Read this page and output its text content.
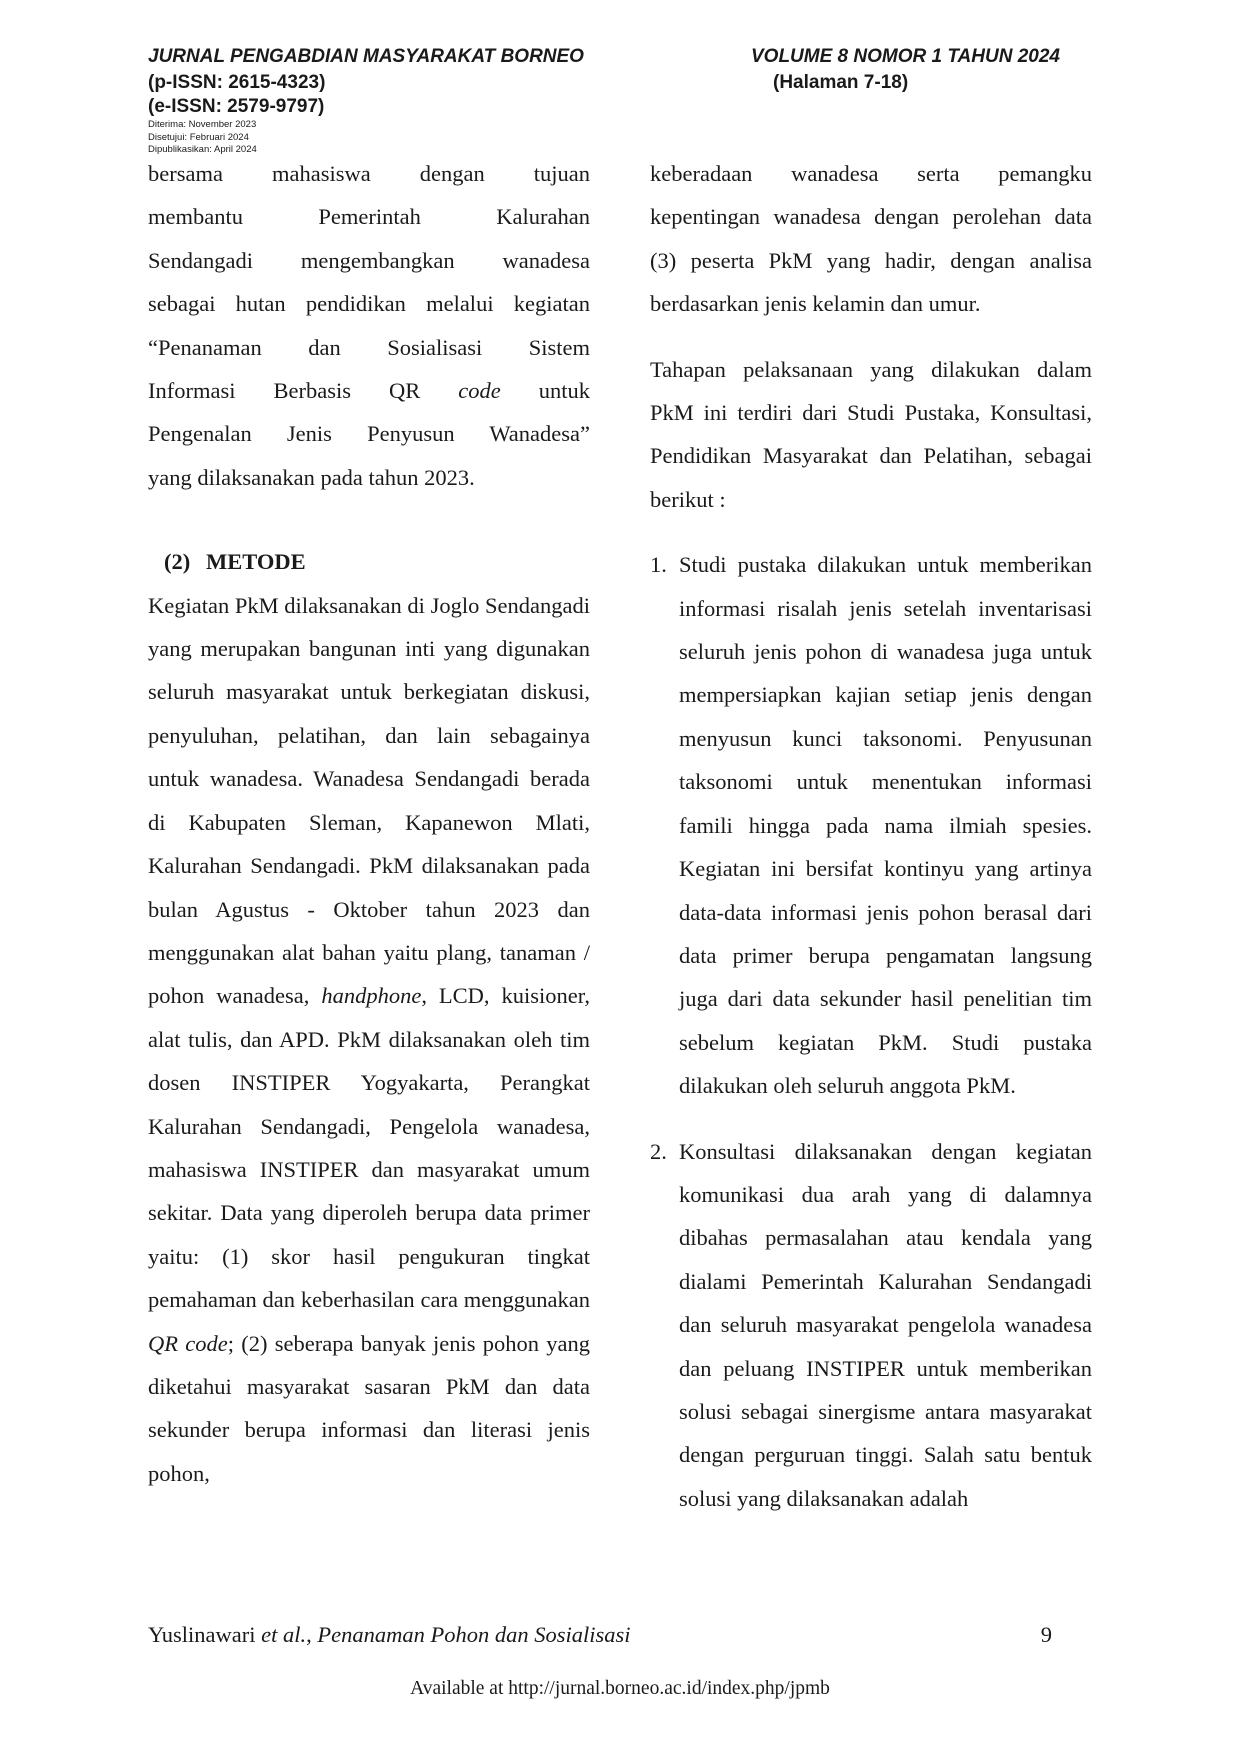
JURNAL PENGABDIAN MASYARAKAT BORNEO	VOLUME 8 NOMOR 1 TAHUN 2024
(p-ISSN: 2615-4323)	(Halaman 7-18)
(e-ISSN: 2579-9797)
Diterima: November 2023
Disetujui: Februari 2024
Dipublikasikan: April 2024

bersama mahasiswa dengan tujuan

membantu Pemerintah Kalurahan

Sendangadi mengembangkan wanadesa

sebagai hutan pendidikan melalui kegiatan

“Penanaman dan Sosialisasi Sistem

Informasi Berbasis QR code untuk

Pengenalan Jenis Penyusun Wanadesa”

yang dilaksanakan pada tahun 2023.

(2) METODE

Kegiatan PkM dilaksanakan di Joglo Sendangadi yang merupakan bangunan inti yang digunakan seluruh masyarakat untuk berkegiatan diskusi, penyuluhan, pelatihan, dan lain sebagainya untuk wanadesa. Wanadesa Sendangadi berada di Kabupaten Sleman, Kapanewon Mlati, Kalurahan Sendangadi. PkM dilaksanakan pada bulan Agustus - Oktober tahun 2023 dan menggunakan alat bahan yaitu plang, tanaman / pohon wanadesa, handphone, LCD, kuisioner, alat tulis, dan APD. PkM dilaksanakan oleh tim dosen INSTIPER Yogyakarta, Perangkat Kalurahan Sendangadi, Pengelola wanadesa, mahasiswa INSTIPER dan masyarakat umum sekitar. Data yang diperoleh berupa data primer yaitu: (1) skor hasil pengukuran tingkat pemahaman dan keberhasilan cara menggunakan QR code; (2) seberapa banyak jenis pohon yang diketahui masyarakat sasaran PkM dan data sekunder berupa informasi dan literasi jenis pohon,

keberadaan wanadesa serta pemangku kepentingan wanadesa dengan perolehan data (3) peserta PkM yang hadir, dengan analisa berdasarkan jenis kelamin dan umur.

Tahapan pelaksanaan yang dilakukan dalam PkM ini terdiri dari Studi Pustaka, Konsultasi, Pendidikan Masyarakat dan Pelatihan, sebagai berikut :

1. Studi pustaka dilakukan untuk memberikan informasi risalah jenis setelah inventarisasi seluruh jenis pohon di wanadesa juga untuk mempersiapkan kajian setiap jenis dengan menyusun kunci taksonomi. Penyusunan taksonomi untuk menentukan informasi famili hingga pada nama ilmiah spesies. Kegiatan ini bersifat kontinyu yang artinya data-data informasi jenis pohon berasal dari data primer berupa pengamatan langsung juga dari data sekunder hasil penelitian tim sebelum kegiatan PkM. Studi pustaka dilakukan oleh seluruh anggota PkM.
2. Konsultasi dilaksanakan dengan kegiatan komunikasi dua arah yang di dalamnya dibahas permasalahan atau kendala yang dialami Pemerintah Kalurahan Sendangadi dan seluruh masyarakat pengelola wanadesa dan peluang INSTIPER untuk memberikan solusi sebagai sinergisme antara masyarakat dengan perguruan tinggi. Salah satu bentuk solusi yang dilaksanakan adalah
Yuslinawari et al., Penanaman Pohon dan Sosialisasi	9
Available at http://jurnal.borneo.ac.id/index.php/jpmb
